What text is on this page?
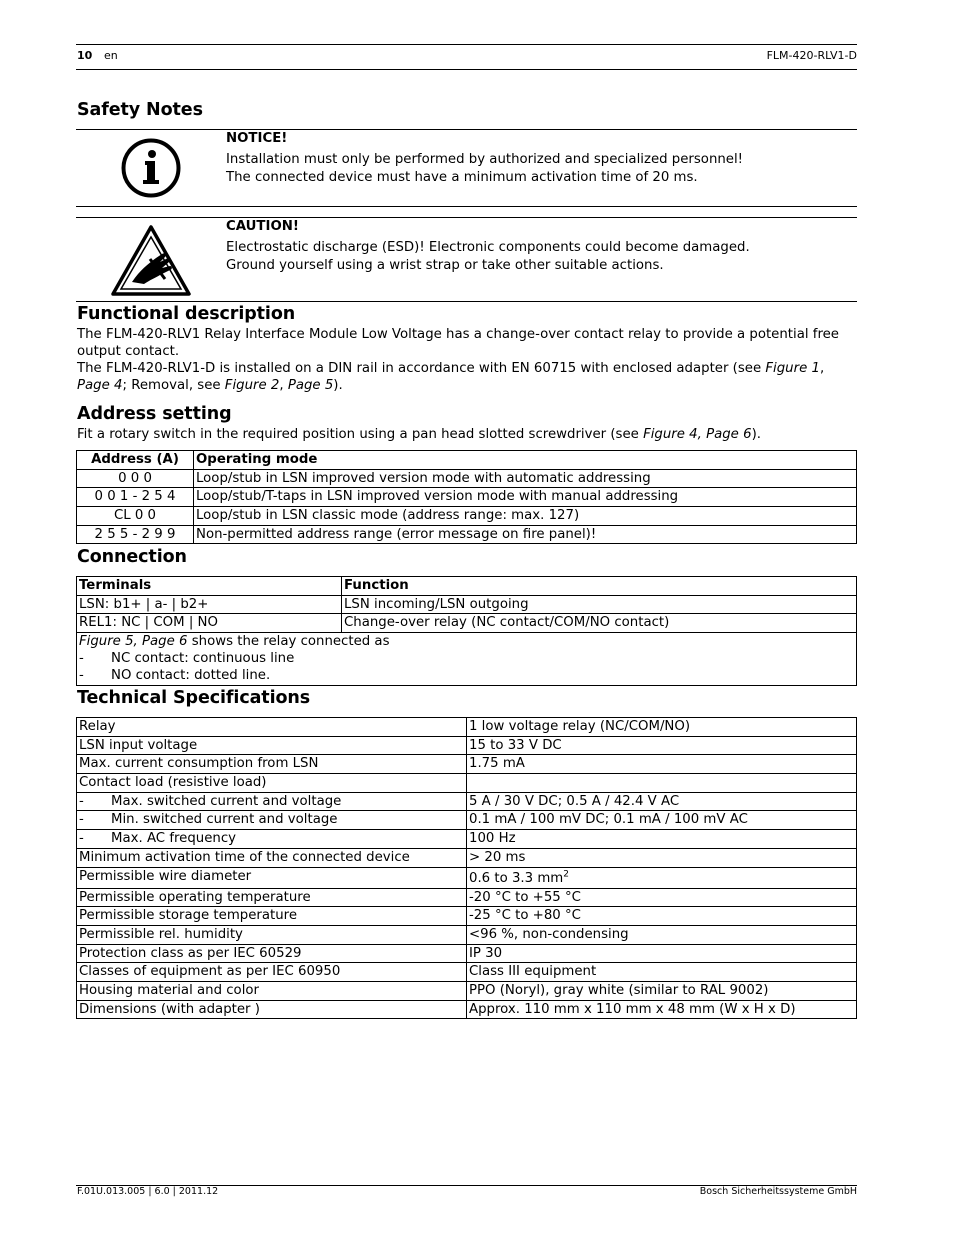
10 en	FLM-420-RLV1-D
Safety Notes
NOTICE!
Installation must only be performed by authorized and specialized personnel!
The connected device must have a minimum activation time of 20 ms.
CAUTION!
Electrostatic discharge (ESD)! Electronic components could become damaged.
Ground yourself using a wrist strap or take other suitable actions.
Functional description

The FLM-420-RLV1 Relay Interface Module Low Voltage has a change-over contact relay to provide a potential free output contact.

The FLM-420-RLV1-D is installed on a DIN rail in accordance with EN 60715 with enclosed adapter (see Figure 1, Page 4; Removal, see Figure 2, Page 5).

Address setting
Fit a rotary switch in the required position using a pan head slotted screwdriver (see Figure 4, Page 6).
Address (A)	Operating mode
0 0 0	Loop/stub in LSN improved version mode with automatic addressing
0 0 1 - 2 5 4	Loop/stub/T-taps in LSN improved version mode with manual addressing
CL 0 0	Loop/stub in LSN classic mode (address range: max. 127)
2 5 5 - 2 9 9	Non-permitted address range (error message on fire panel)!
Connection
Terminals	Function
LSN: b1+ | a- | b2+	LSN incoming/LSN outgoing
REL1: NC | COM | NO	Change-over relay (NC contact/COM/NO contact)

Figure 5, Page 6 shows the relay connected as
- NC contact: continuous line
- NO contact: dotted line.	
Technical Specifications
Relay	1 low voltage relay (NC/COM/NO)
LSN input voltage	15 to 33 V DC
Max. current consumption from LSN	1.75 mA
Contact load (resistive load)	
- Max. switched current and voltage	5 A / 30 V DC; 0.5 A / 42.4 V AC
- Min. switched current and voltage	0.1 mA / 100 mV DC; 0.1 mA / 100 mV AC
- Max. AC frequency	100 Hz
Minimum activation time of the connected device	> 20 ms
Permissible wire diameter	0.6 to 3.3 $mm^2$
Permissible operating temperature	-20 °C to +55 °C
Permissible storage temperature	-25 °C to +80 °C
Permissible rel. humidity	<96 %, non-condensing
Protection class as per IEC 60529	IP 30
Classes of equipment as per IEC 60950	Class III equipment
Housing material and color	PPO (Noryl), gray white (similar to RAL 9002)
Dimensions (with adapter )	Approx. 110 mm x 110 mm x 48 mm (W x H x D)
F.01U.013.005 | 6.0 | 2011.12	Bosch Sicherheitssysteme GmbH
